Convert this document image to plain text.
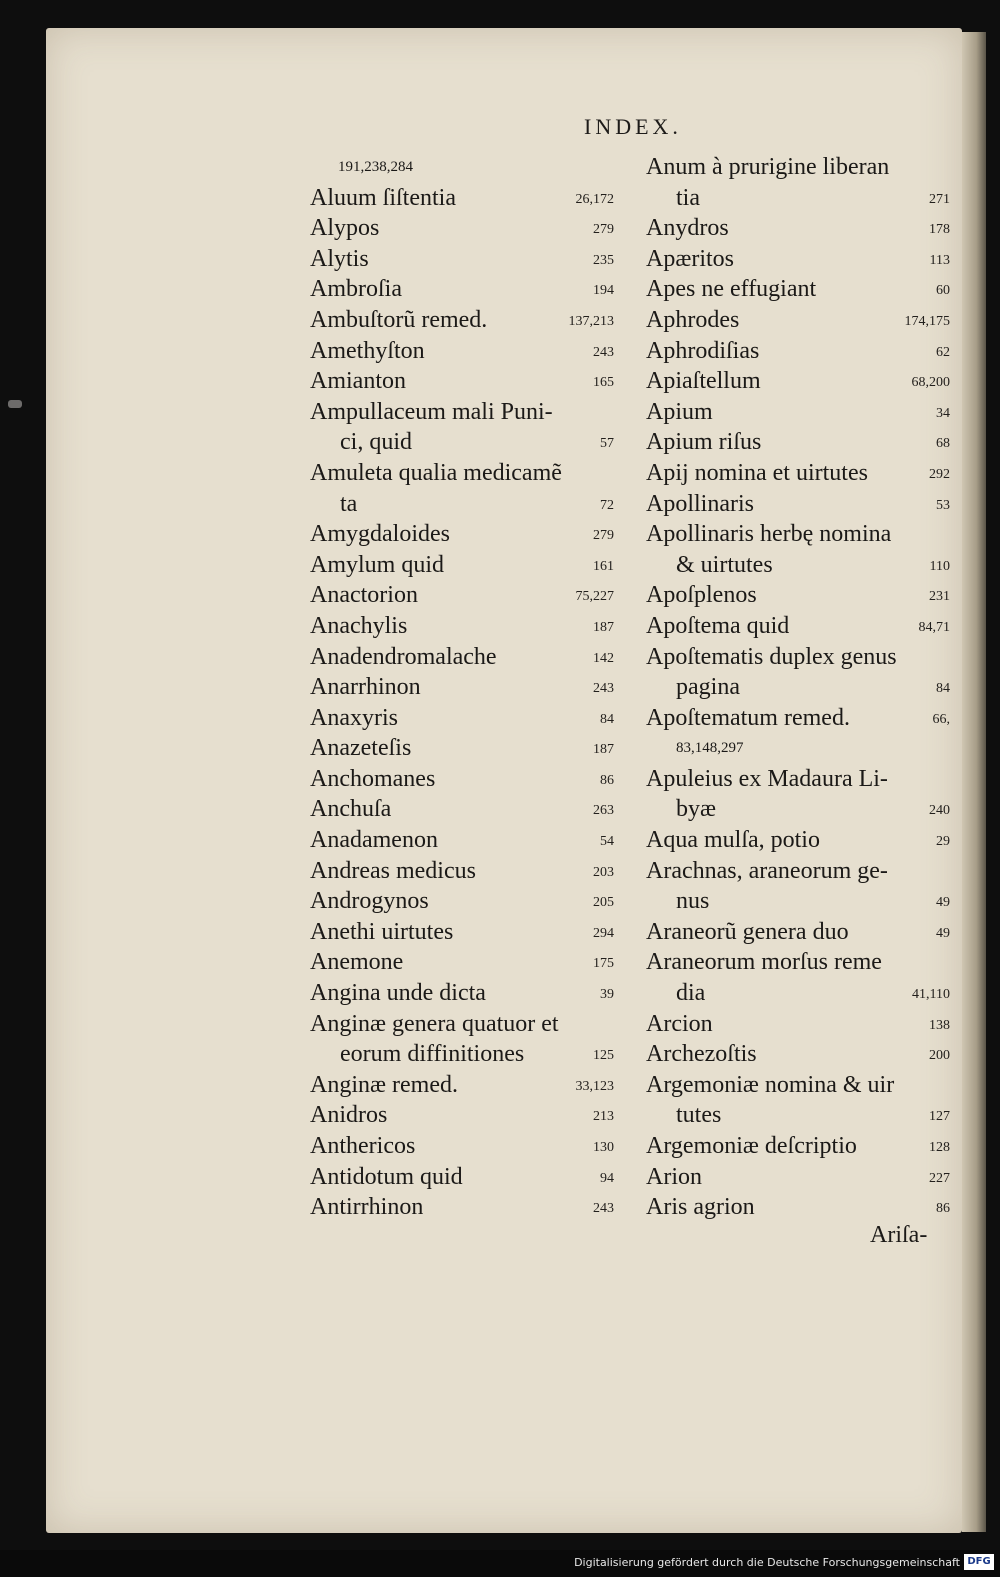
INDEX.
191,238,284
Aluum ſiſtentia	26,172
Alypos	279
Alytis	235
Ambroſia	194
Ambuſtorũ remed.	137,213
Amethyſton	243
Amianton	165
Ampullaceum mali Puni-
ci, quid	57
Amuleta qualia medicamẽ
ta	72
Amygdaloides	279
Amylum quid	161
Anactorion	75,227
Anachylis	187
Anadendromalache	142
Anarrhinon	243
Anaxyris	84
Anazeteſis	187
Anchomanes	86
Anchuſa	263
Anadamenon	54
Andreas medicus	203
Androgynos	205
Anethi uirtutes	294
Anemone	175
Angina unde dicta	39
Anginæ genera quatuor et
eorum diffinitiones	125
Anginæ remed.	33,123
Anidros	213
Anthericos	130
Antidotum quid	94
Antirrhinon	243
Anum à prurigine liberan
tia	271
Anydros	178
Apæritos	113
Apes ne effugiant	60
Aphrodes	174,175
Aphrodiſias	62
Apiaſtellum	68,200
Apium	34
Apium riſus	68
Apij nomina et uirtutes	292
Apollinaris	53
Apollinaris herbę nomina
& uirtutes	110
Apoſplenos	231
Apoſtema quid	84,71
Apoſtematis duplex genus
pagina	84
Apoſtematum remed.	66,
83,148,297
Apuleius ex Madaura Li-
byæ	240
Aqua mulſa, potio	29
Arachnas, araneorum ge-
nus	49
Araneorũ genera duo	49
Araneorum morſus reme
dia	41,110
Arcion	138
Archezoſtis	200
Argemoniæ nomina & uir
tutes	127
Argemoniæ deſcriptio	128
Arion	227
Aris agrion	86
Ariſa-
Digitalisierung gefördert durch die Deutsche Forschungsgemeinschaft DFG
